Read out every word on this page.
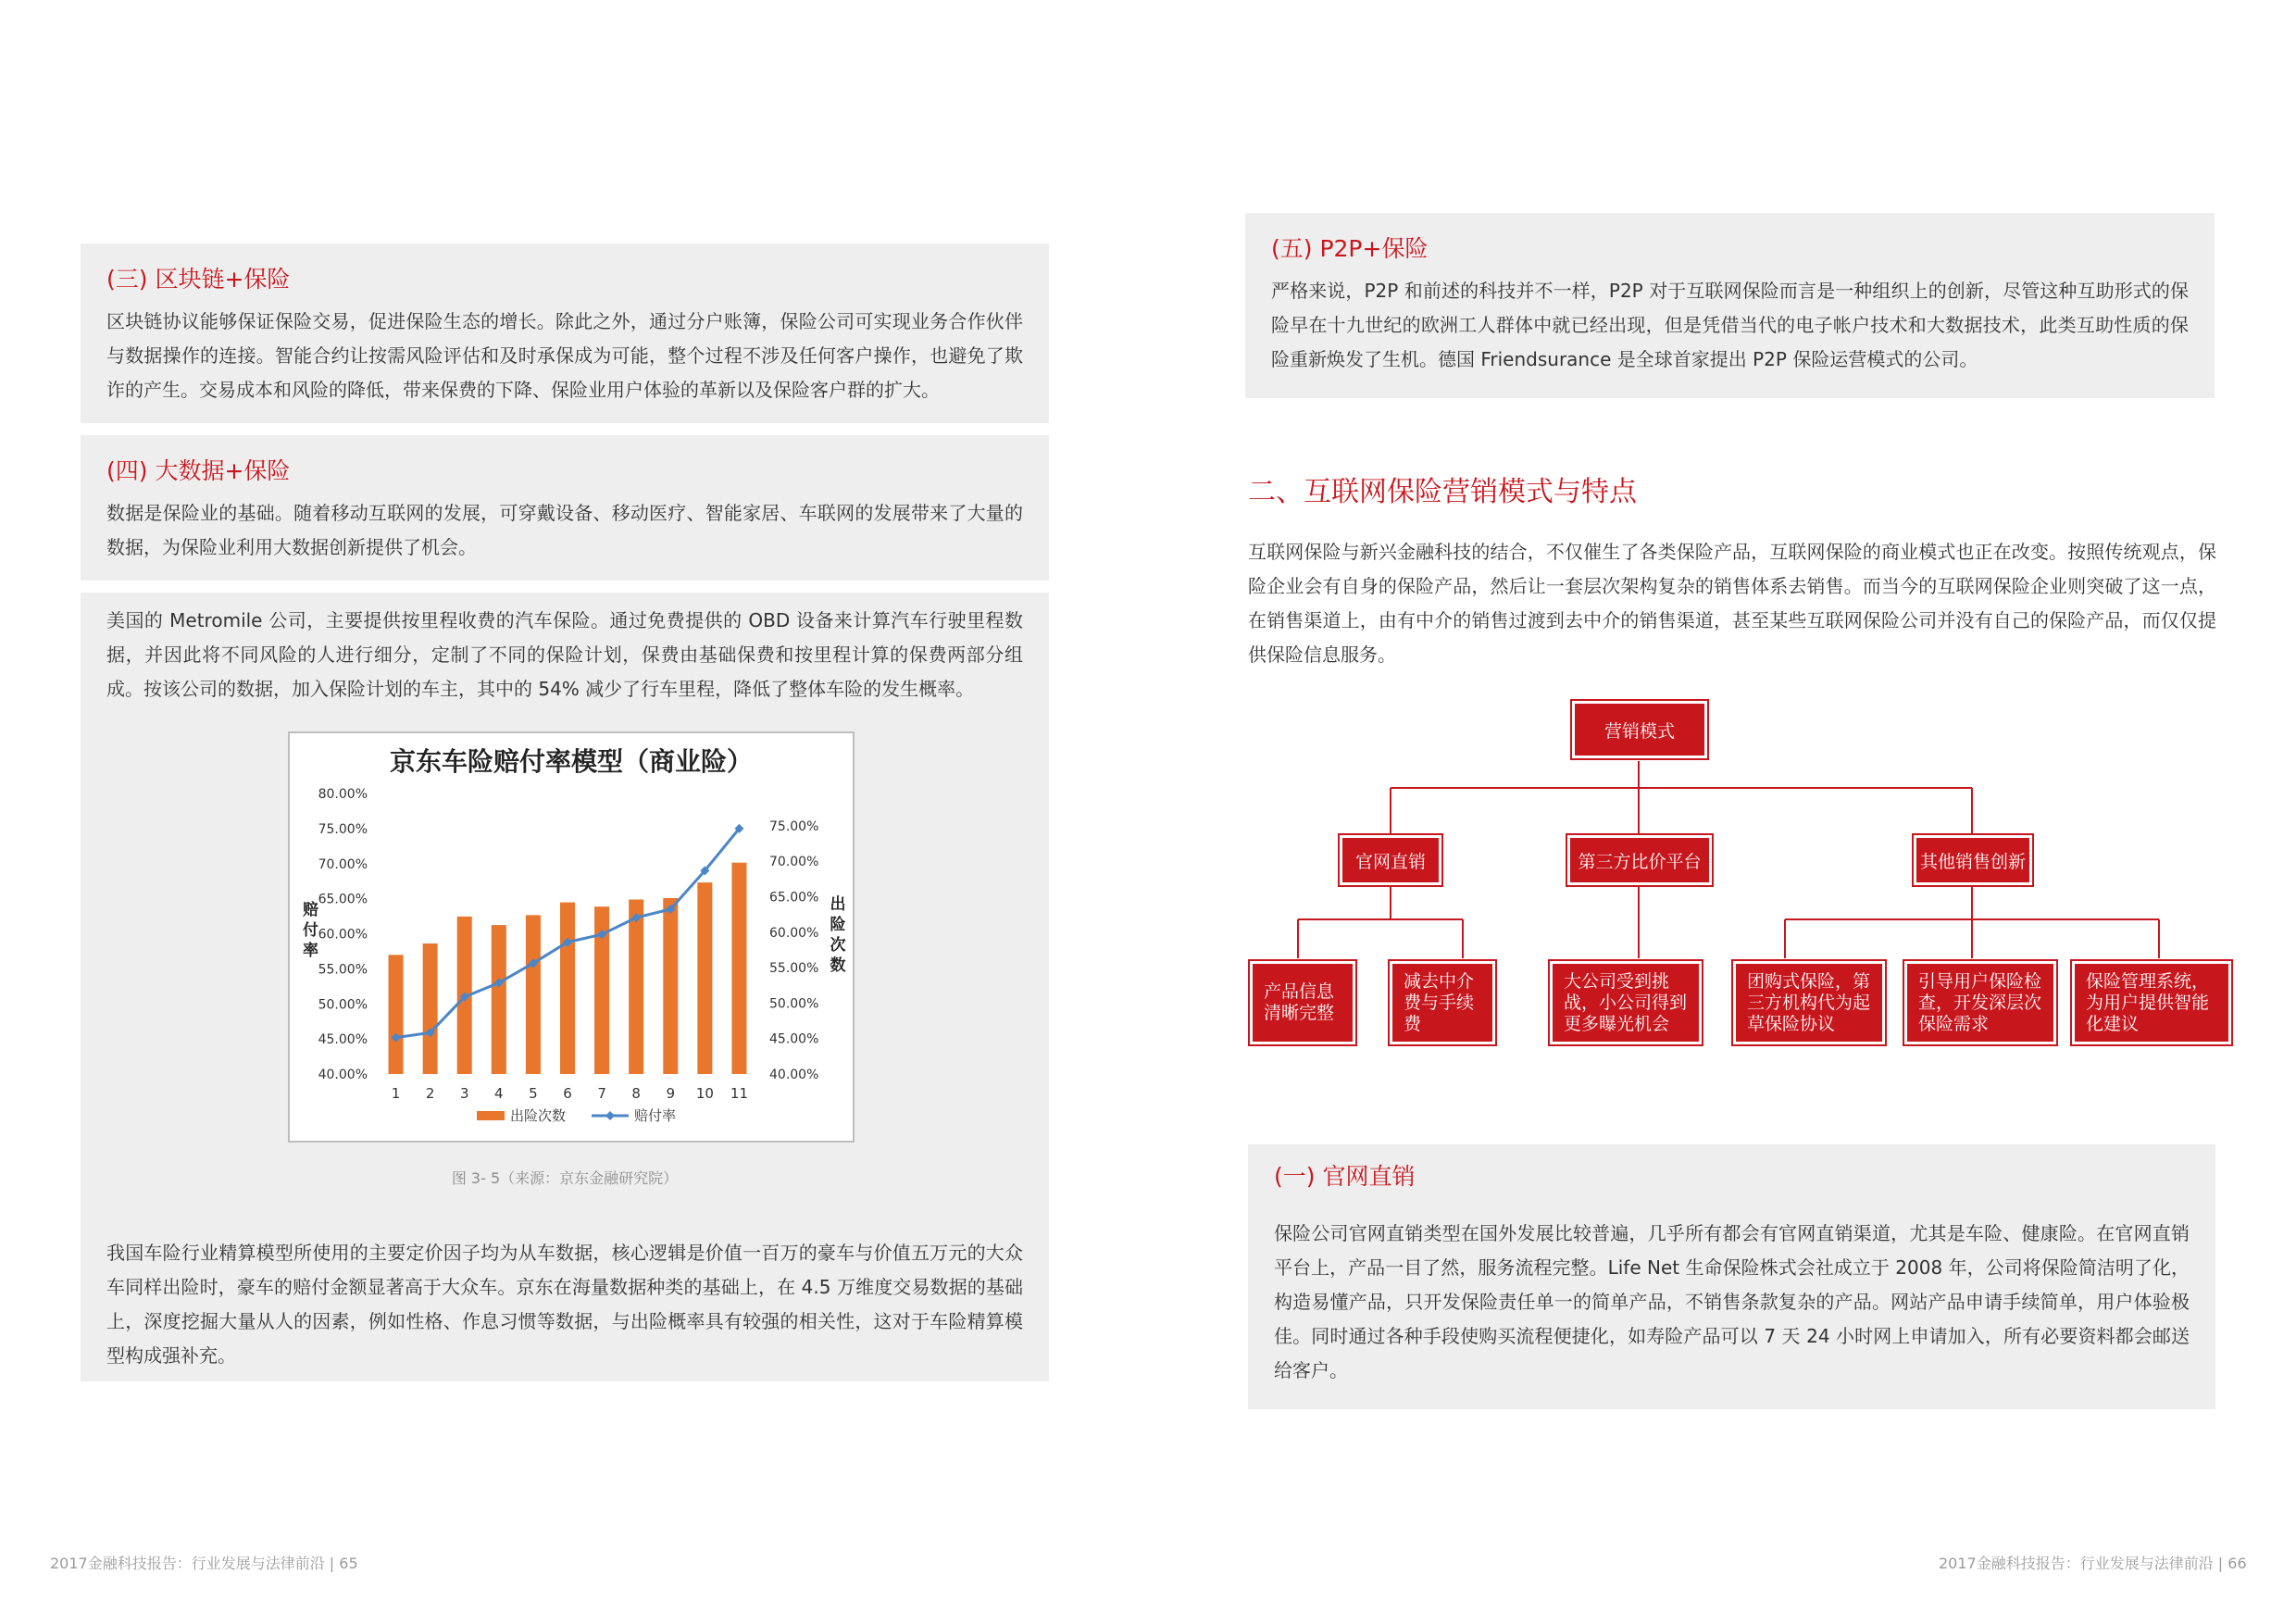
(三) 区块链+保险

区块链协议能够保证保险交易，促进保险生态的增长。除此之外，通过分户账簿，保险公司可实现业务合作伙伴与数据操作的连接。智能合约让按需风险评估和及时承保成为可能，整个过程不涉及任何客户操作，也避免了欺诈的产生。交易成本和风险的降低，带来保费的下降、保险业用户体验的革新以及保险客户群的扩大。

(四) 大数据+保险

数据是保险业的基础。随着移动互联网的发展，可穿戴设备、移动医疗、智能家居、车联网的发展带来了大量的数据，为保险业利用大数据创新提供了机会。

美国的 Metromile 公司，主要提供按里程收费的汽车保险。通过免费提供的 OBD 设备来计算汽车行驶里程数据，并因此将不同风险的人进行细分，定制了不同的保险计划，保费由基础保费和按里程计算的保费两部分组成。按该公司的数据，加入保险计划的车主，其中的 54% 减少了行车里程，降低了整体车险的发生概率。

图 3- 5（来源：京东金融研究院）

我国车险行业精算模型所使用的主要定价因子均为从车数据，核心逻辑是价值一百万的豪车与价值五万元的大众车同样出险时，豪车的赔付金额显著高于大众车。京东在海量数据种类的基础上，在 4.5 万维度交易数据的基础上，深度挖掘大量从人的因素，例如性格、作息习惯等数据，与出险概率具有较强的相关性，这对于车险精算模型构成强补充。

京东车险赔付率模型（商业险）
40.00%
45.00%
50.00%
55.00%
60.00%
65.00%
70.00%
75.00%
80.00%
40.00%
45.00%
50.00%
55.00%
60.00%
65.00%
70.00%
75.00%
赔
付
率
出
险
次
数
1 2 3 4 5 6 7 8 9 10 11
出险次数	赔付率
2017金融科技报告：行业发展与法律前沿 | 65
(五) P2P+保险

严格来说，P2P 和前述的科技并不一样，P2P 对于互联网保险而言是一种组织上的创新，尽管这种互助形式的保险早在十九世纪的欧洲工人群体中就已经出现，但是凭借当代的电子帐户技术和大数据技术，此类互助性质的保险重新焕发了生机。德国 Friendsurance 是全球首家提出 P2P 保险运营模式的公司。

二、互联网保险营销模式与特点

互联网保险与新兴金融科技的结合，不仅催生了各类保险产品，互联网保险的商业模式也正在改变。按照传统观点，保险企业会有自身的保险产品，然后让一套层次架构复杂的销售体系去销售。而当今的互联网保险企业则突破了这一点，在销售渠道上，由有中介的销售过渡到去中介的销售渠道，甚至某些互联网保险公司并没有自己的保险产品，而仅仅提供保险信息服务。

营销模式
官网直销	第三方比价平台	其他销售创新
产品信息清晰完整
减去中介费与手续费
大公司受到挑战，小公司得到更多曝光机会
团购式保险，第三方机构代为起草保险协议
引导用户保险检查，开发深层次保险需求
保险管理系统，为用户提供智能化建议
(一) 官网直销

保险公司官网直销类型在国外发展比较普遍，几乎所有都会有官网直销渠道，尤其是车险、健康险。在官网直销平台上，产品一目了然，服务流程完整。Life Net 生命保险株式会社成立于 2008 年，公司将保险简洁明了化，构造易懂产品，只开发保险责任单一的简单产品，不销售条款复杂的产品。网站产品申请手续简单，用户体验极佳。同时通过各种手段使购买流程便捷化，如寿险产品可以 7 天 24 小时网上申请加入，所有必要资料都会邮送给客户。

2017金融科技报告：行业发展与法律前沿 | 66
